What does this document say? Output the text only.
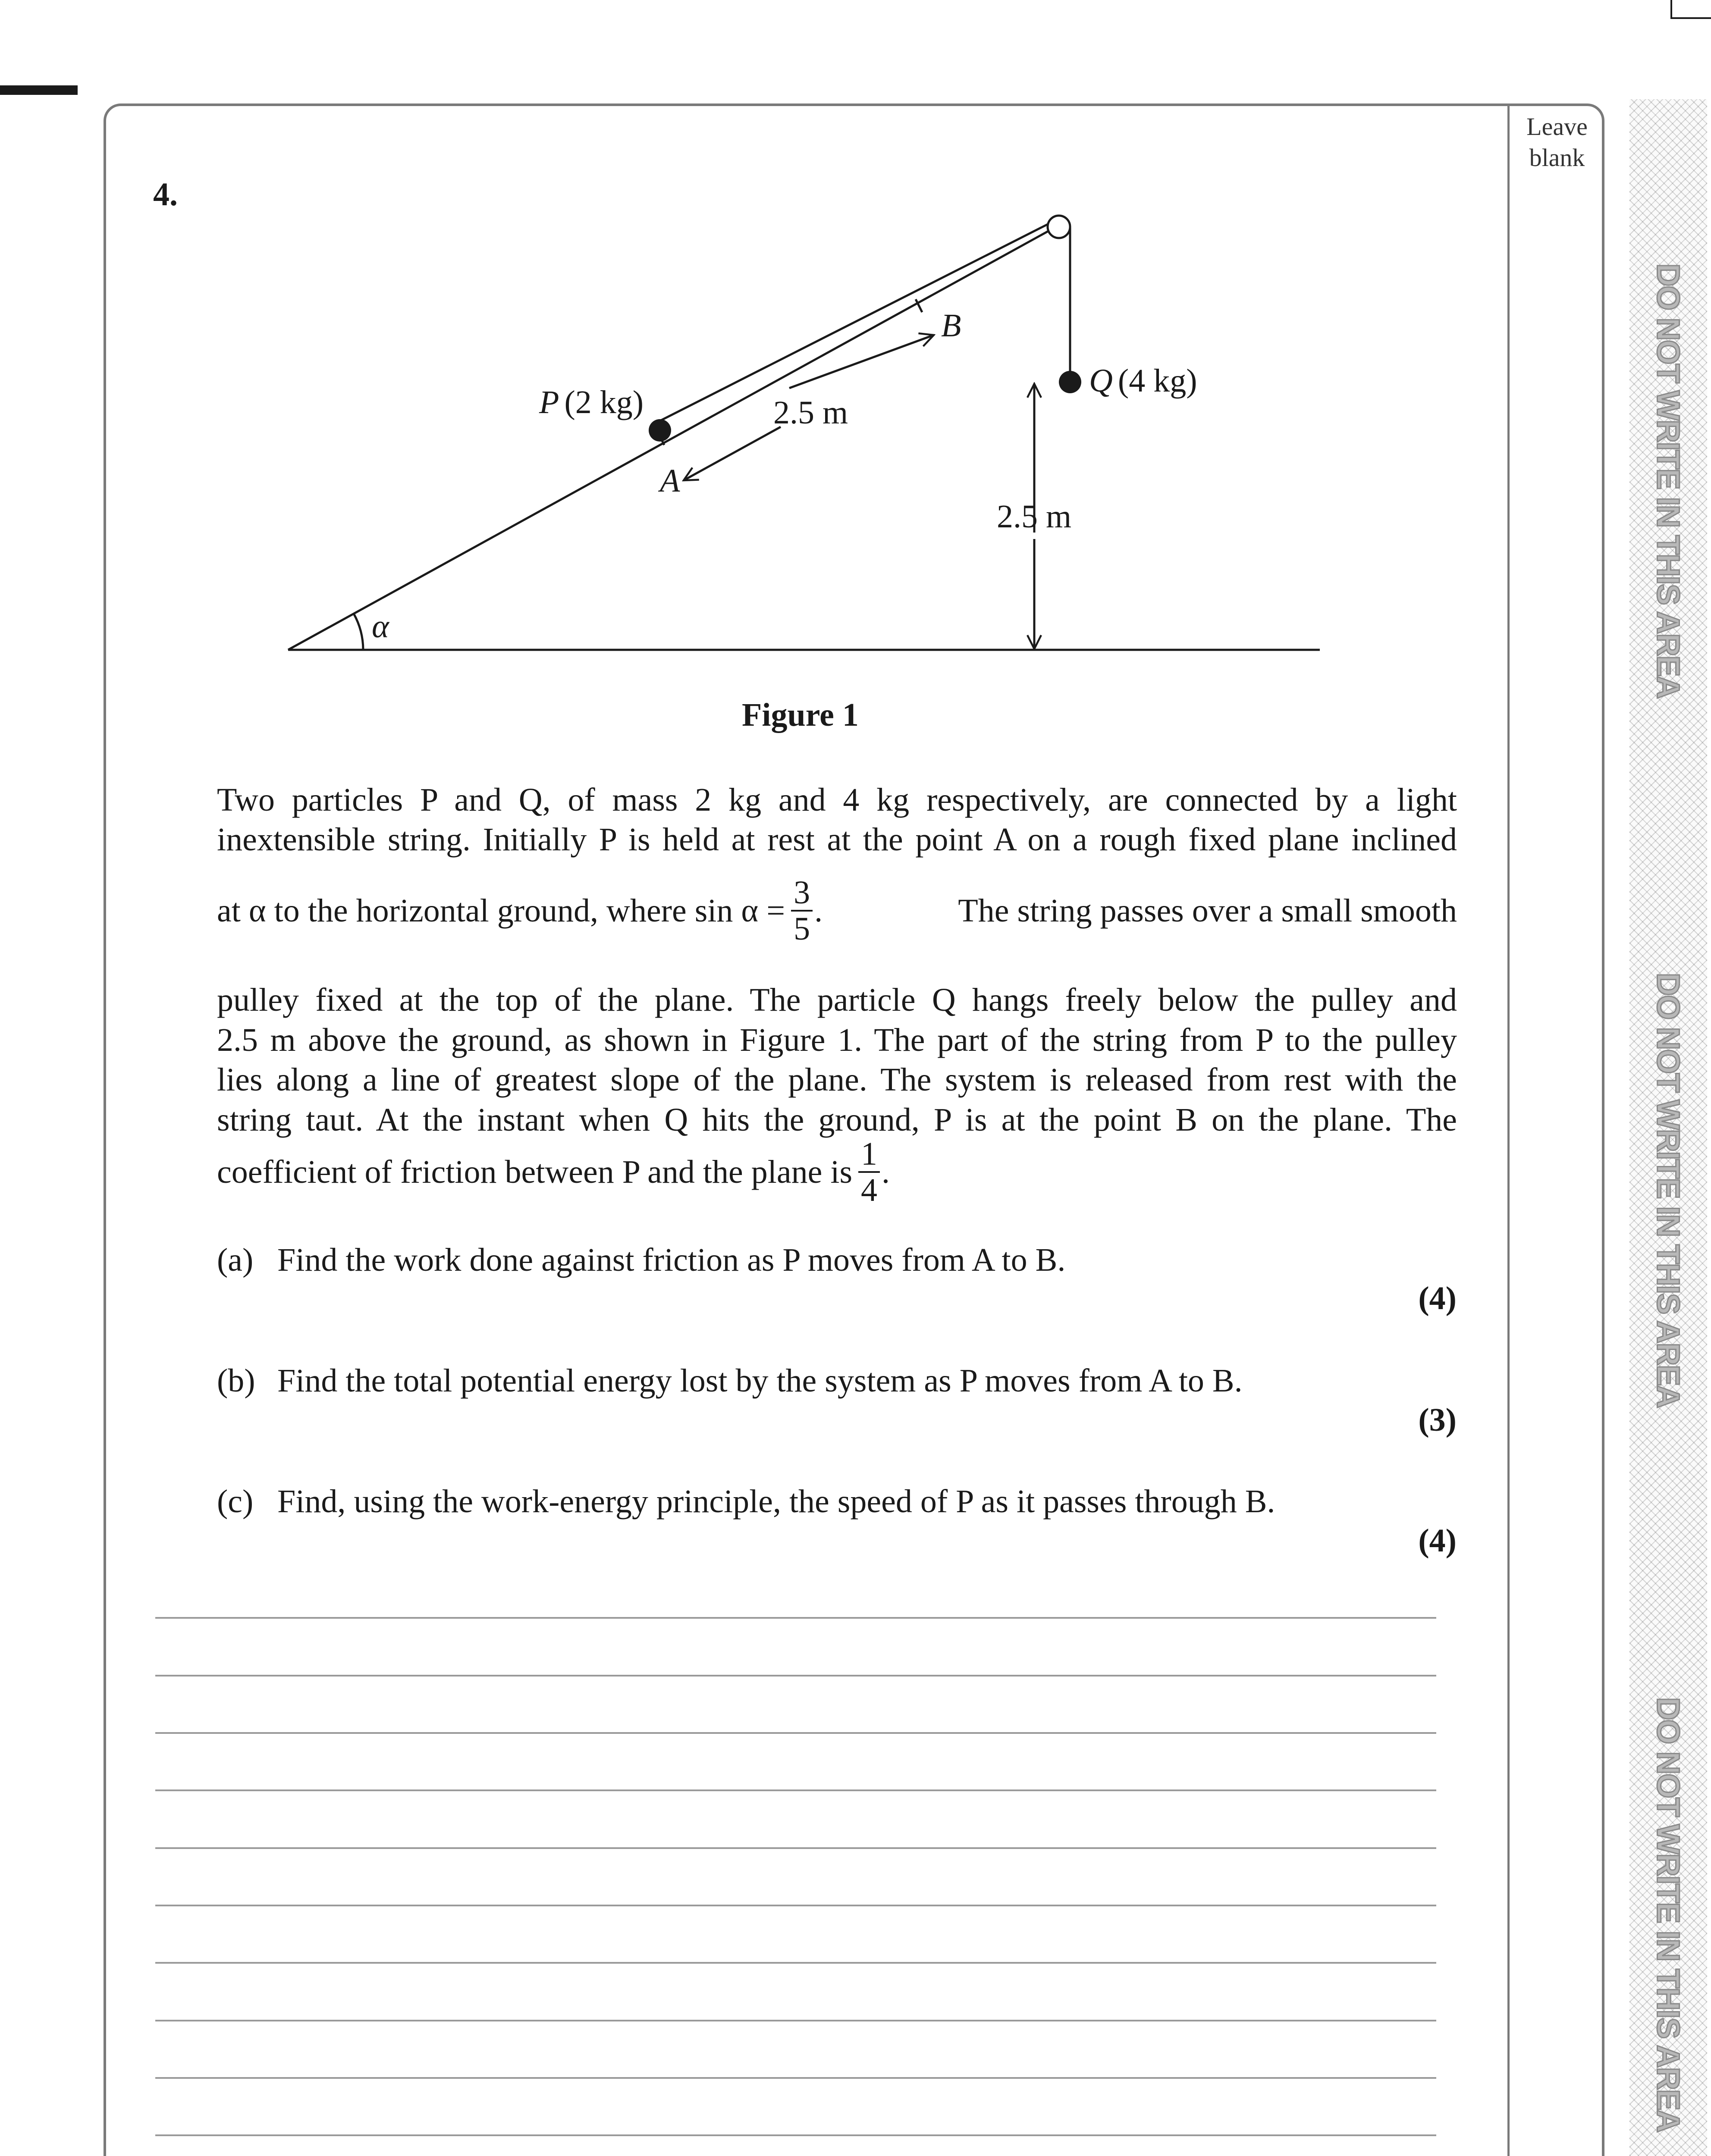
Leave blank
DO NOT WRITE IN THIS AREA
DO NOT WRITE IN THIS AREA
DO NOT WRITE IN THIS AREA
4.
P (2 kg)
Q (4 kg)
A
B
2.5 m
2.5 m
α
Figure 1
Two particles P and Q, of mass 2 kg and 4 kg respectively, are connected by a light
inextensible string. Initially P is held at rest at the point A on a rough fixed plane inclined
at α to the horizontal ground, where $\sin \alpha = \frac{3}{5}$ .	The string passes over a small smooth
pulley fixed at the top of the plane. The particle Q hangs freely below the pulley and
2.5 m above the ground, as shown in Figure 1. The part of the string from P to the pulley
lies along a line of greatest slope of the plane. The system is released from rest with the
string taut. At the instant when Q hits the ground, P is at the point B on the plane. The
coefficient of friction between P and the plane is $\frac{1}{4}$ .
(a) Find the work done against friction as P moves from A to B.
(4)
(b) Find the total potential energy lost by the system as P moves from A to B.
(3)
(c) Find, using the work-energy principle, the speed of P as it passes through B.
(4)
